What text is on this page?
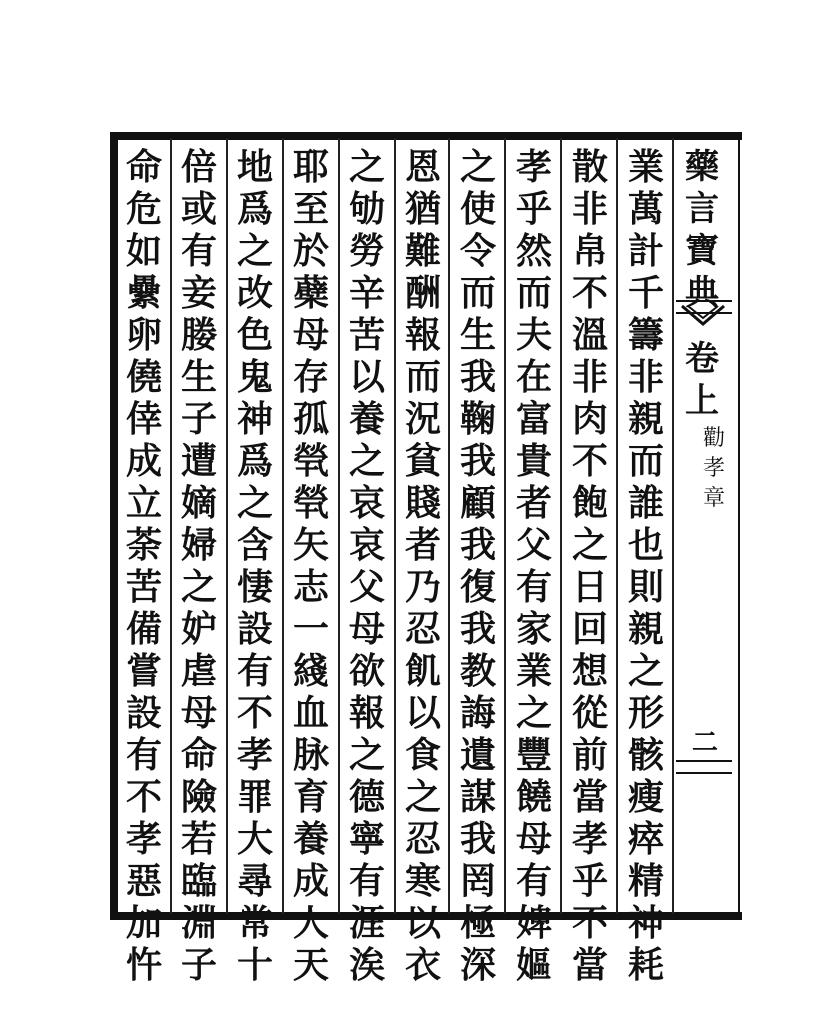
業
萬
計
千
籌
非
親
而
誰
也
則
親
之
形
骸
瘦
瘁
精
神
耗
散
非
帛
不
溫
非
肉
不
飽
之
日
回
想
從
前
當
孝
乎
不
當
孝
乎
然
而
夫
在
富
貴
者
父
有
家
業
之
豐
饒
母
有
婢
嫗
之
使
令
而
生
我
鞠
我
顧
我
復
我
教
誨
遺
謀
我
罔
極
深
恩
猶
難
酬
報
而
況
貧
賤
者
乃
忍
飢
以
食
之
忍
寒
以
衣
之
劬
勞
辛
苦
以
養
之
哀
哀
父
母
欲
報
之
德
寧
有
涯
涘
耶
至
於
蘗
母
存
孤
煢
煢
矢
志
一
綫
血
脉
育
養
成
人
天
地
爲
之
改
色
鬼
神
爲
之
含
悽
設
有
不
孝
罪
大
尋
常
十
倍
或
有
妾
媵
生
子
遭
嫡
婦
之
妒
虐
母
命
險
若
臨
淵
子
命
危
如
纍
卵
僥
倖
成
立
荼
苦
備
嘗
設
有
不
孝
惡
加
忤
藥
言
寶
典
卷
上
勸
孝
章
二
